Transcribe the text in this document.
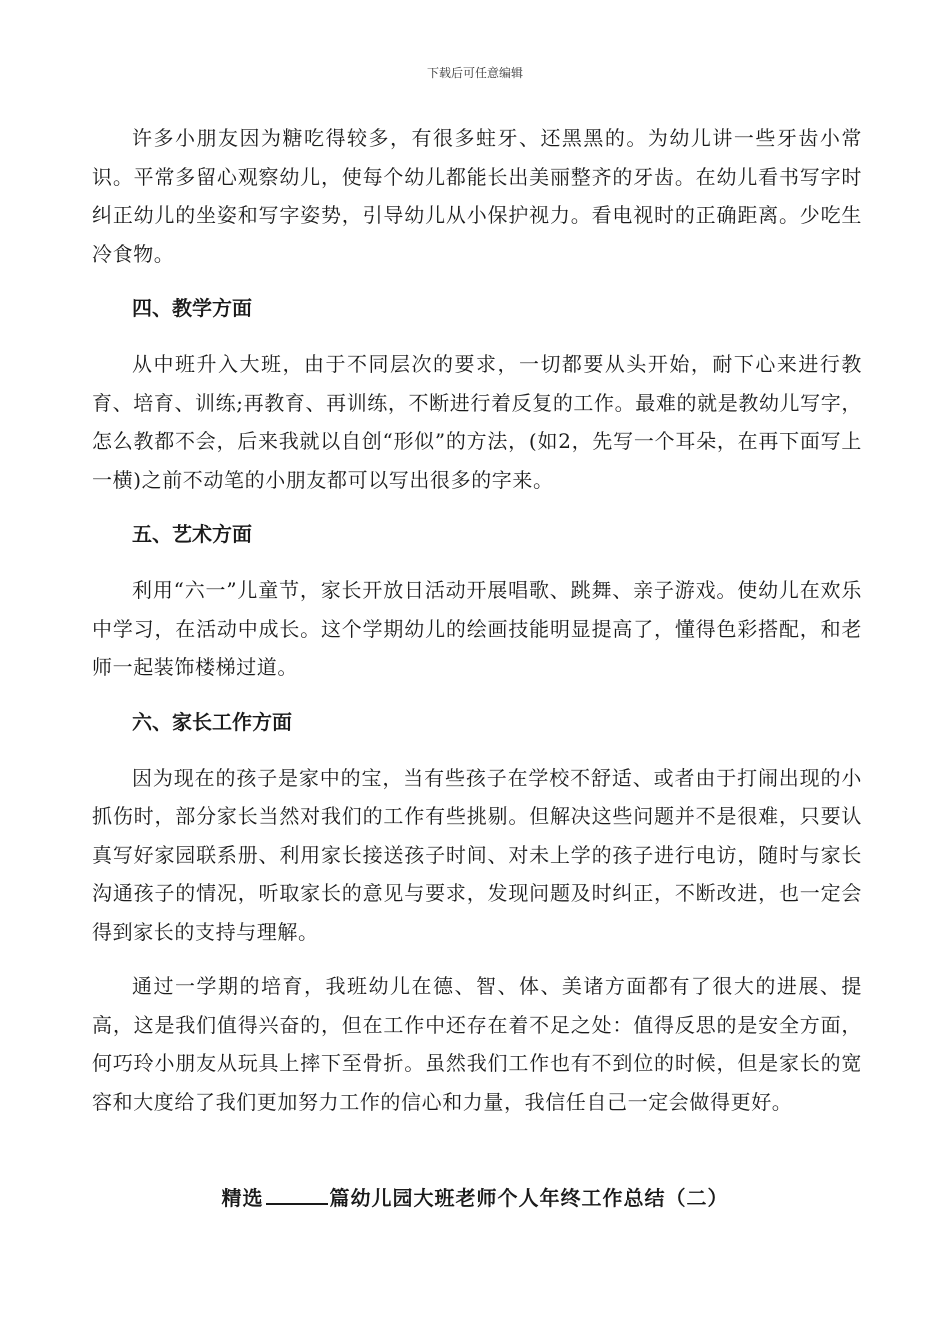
下载后可任意编辑

许多小朋友因为糖吃得较多，有很多蛀牙、还黑黑的。为幼儿讲一些牙齿小常识。平常多留心观察幼儿，使每个幼儿都能长出美丽整齐的牙齿。在幼儿看书写字时纠正幼儿的坐姿和写字姿势，引导幼儿从小保护视力。看电视时的正确距离。少吃生冷食物。

四、教学方面

从中班升入大班，由于不同层次的要求，一切都要从头开始，耐下心来进行教育、培育、训练;再教育、再训练，不断进行着反复的工作。最难的就是教幼儿写字，怎么教都不会，后来我就以自创“形似”的方法，(如2，先写一个耳朵，在再下面写上一横)之前不动笔的小朋友都可以写出很多的字来。

五、艺术方面

利用“六一”儿童节，家长开放日活动开展唱歌、跳舞、亲子游戏。使幼儿在欢乐中学习，在活动中成长。这个学期幼儿的绘画技能明显提高了，懂得色彩搭配，和老师一起装饰楼梯过道。

六、家长工作方面

因为现在的孩子是家中的宝，当有些孩子在学校不舒适、或者由于打闹出现的小抓伤时，部分家长当然对我们的工作有些挑剔。但解决这些问题并不是很难，只要认真写好家园联系册、利用家长接送孩子时间、对未上学的孩子进行电访，随时与家长沟通孩子的情况，听取家长的意见与要求，发现问题及时纠正，不断改进，也一定会得到家长的支持与理解。

通过一学期的培育，我班幼儿在德、智、体、美诸方面都有了很大的进展、提高，这是我们值得兴奋的，但在工作中还存在着不足之处：值得反思的是安全方面，何巧玲小朋友从玩具上摔下至骨折。虽然我们工作也有不到位的时候，但是家长的宽容和大度给了我们更加努力工作的信心和力量，我信任自己一定会做得更好。

精选	篇幼儿园大班老师个人年终工作总结（二）
